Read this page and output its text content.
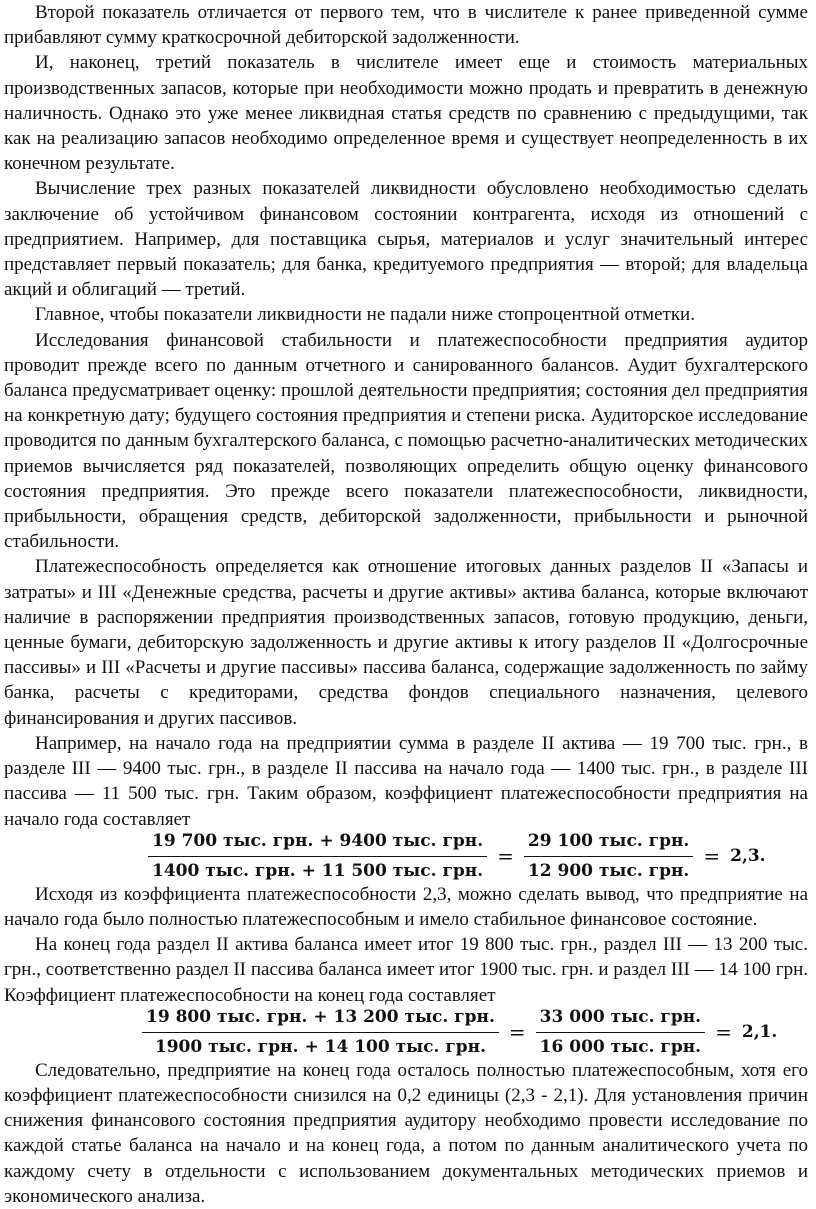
Второй показатель отличается от первого тем, что в числителе к ранее приведенной сумме прибавляют сумму краткосрочной дебиторской задолженности.

И, наконец, третий показатель в числителе имеет еще и стоимость материальных производственных запасов, которые при необходимости можно продать и превратить в денежную наличность. Однако это уже менее ликвидная статья средств по сравнению с предыдущими, так как на реализацию запасов необходимо определенное время и существует неопределенность в их конечном результате.

Вычисление трех разных показателей ликвидности обусловлено необходимостью сделать заключение об устойчивом финансовом состоянии контрагента, исходя из отношений с предприятием. Например, для поставщика сырья, материалов и услуг значительный интерес представляет первый показатель; для банка, кредитуемого предприятия — второй; для владельца акций и облигаций — третий.

Главное, чтобы показатели ликвидности не падали ниже стопроцентной отметки.

Исследования финансовой стабильности и платежеспособности предприятия аудитор проводит прежде всего по данным отчетного и санированного балансов. Аудит бухгалтерского баланса предусматривает оценку: прошлой деятельности предприятия; состояния дел предприятия на конкретную дату; будущего состояния предприятия и степени риска. Аудиторское исследование проводится по данным бухгалтерского баланса, с помощью расчетно-аналитических методических приемов вычисляется ряд показателей, позволяющих определить общую оценку финансового состояния предприятия. Это прежде всего показатели платежеспособности, ликвидности, прибыльности, обращения средств, дебиторской задолженности, прибыльности и рыночной стабильности.

Платежеспособность определяется как отношение итоговых данных разделов II «Запасы и затраты» и III «Денежные средства, расчеты и другие активы» актива баланса, которые включают наличие в распоряжении предприятия производственных запасов, готовую продукцию, деньги, ценные бумаги, дебиторскую задолженность и другие активы к итогу разделов II «Долгосрочные пассивы» и III «Расчеты и другие пассивы» пассива баланса, содержащие задолженность по займу банка, расчеты с кредиторами, средства фондов специального назначения, целевого финансирования и других пассивов.

Например, на начало года на предприятии сумма в разделе II актива — 19 700 тыс. грн., в разделе III — 9400 тыс. грн., в разделе II пассива на начало года — 1400 тыс. грн., в разделе III пассива — 11 500 тыс. грн. Таким образом, коэффициент платежеспособности предприятия на начало года составляет

$\frac{\text{19 700 тыс. грн. + 9400 тыс. грн.}}{\text{1400 тыс. грн. + 11 500 тыс. грн.}} = \frac{\text{29 100 тыс. грн.}}{\text{12 900 тыс. грн.}} = 2,3$.

Исходя из коэффициента платежеспособности 2,3, можно сделать вывод, что предприятие на начало года было полностью платежеспособным и имело стабильное финансовое состояние.

На конец года раздел II актива баланса имеет итог 19 800 тыс. грн., раздел III — 13 200 тыс. грн., соответственно раздел II пассива баланса имеет итог 1900 тыс. грн. и раздел III — 14 100 грн. Коэффициент платежеспособности на конец года составляет

$\frac{\text{19 800 тыс. грн. + 13 200 тыс. грн.}}{\text{1900 тыс. грн. + 14 100 тыс. грн.}} = \frac{\text{33 000 тыс. грн.}}{\text{16 000 тыс. грн.}} = 2,1$.

Следовательно, предприятие на конец года осталось полностью платежеспособным, хотя его коэффициент платежеспособности снизился на 0,2 единицы (2,3 - 2,1). Для установления причин снижения финансового состояния предприятия аудитору необходимо провести исследование по каждой статье баланса на начало и на конец года, а потом по данным аналитического учета по каждому счету в отдельности с использованием документальных методических приемов и экономического анализа.
